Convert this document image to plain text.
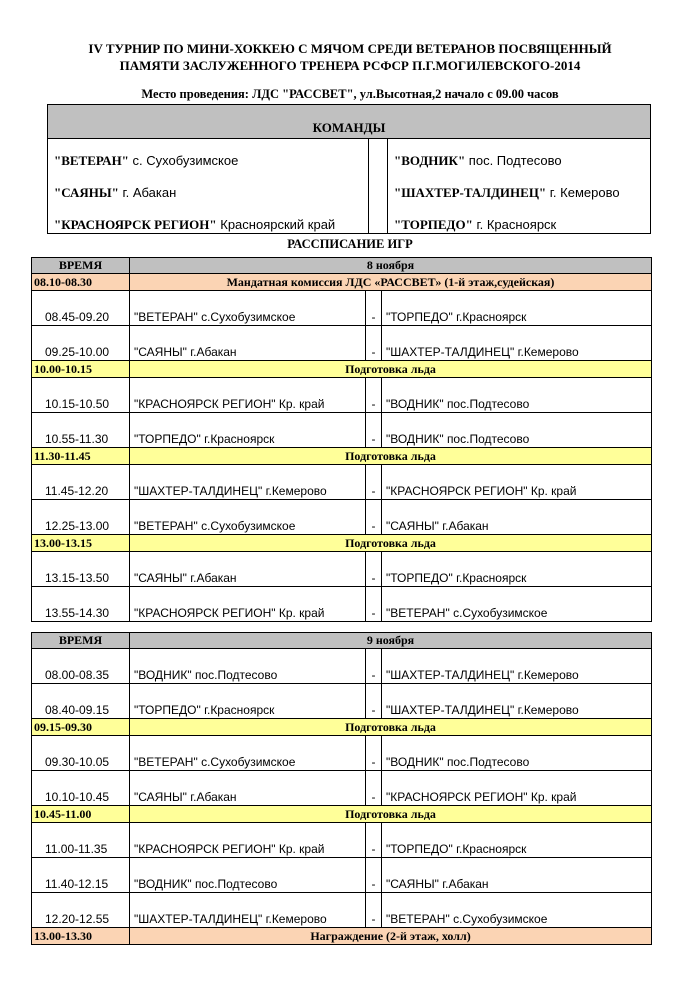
IV ТУРНИР ПО МИНИ-ХОККЕЮ С МЯЧОМ СРЕДИ ВЕТЕРАНОВ ПОСВЯЩЕННЫЙ
ПАМЯТИ ЗАСЛУЖЕННОГО ТРЕНЕРА РСФСР П.Г.МОГИЛЕВСКОГО-2014
Место проведения: ЛДС "РАССВЕТ", ул.Высотная,2 начало с 09.00 часов
КОМАНДЫ
"ВЕТЕРАН" с. Сухобузимское	"ВОДНИК" пос. Подтесово
"САЯНЫ" г. Абакан	"ШАХТЕР-ТАЛДИНЕЦ" г. Кемерово
"КРАСНОЯРСК РЕГИОН" Красноярский край	"ТОРПЕДО" г. Красноярск
РАССПИСАНИЕ ИГР
ВРЕМЯ	8 ноября		
08.10-08.30	Мандатная комиссия ЛДС «РАССВЕТ» (1-й этаж,судейская)		
08.45-09.20	"ВЕТЕРАН" с.Сухобузимское	-	"ТОРПЕДО" г.Красноярск
09.25-10.00	"САЯНЫ" г.Абакан	-	"ШАХТЕР-ТАЛДИНЕЦ" г.Кемерово
10.00-10.15	Подготовка льда		
10.15-10.50	"КРАСНОЯРСК РЕГИОН" Кр. край	-	"ВОДНИК" пос.Подтесово
10.55-11.30	"ТОРПЕДО" г.Красноярск	-	"ВОДНИК" пос.Подтесово
11.30-11.45	Подготовка льда		
11.45-12.20	"ШАХТЕР-ТАЛДИНЕЦ" г.Кемерово	-	"КРАСНОЯРСК РЕГИОН" Кр. край
12.25-13.00	"ВЕТЕРАН" с.Сухобузимское	-	"САЯНЫ" г.Абакан
13.00-13.15	Подготовка льда		
13.15-13.50	"САЯНЫ" г.Абакан	-	"ТОРПЕДО" г.Красноярск
13.55-14.30	"КРАСНОЯРСК РЕГИОН" Кр. край	-	"ВЕТЕРАН" с.Сухобузимское
ВРЕМЯ	9 ноября		
08.00-08.35	"ВОДНИК" пос.Подтесово	-	"ШАХТЕР-ТАЛДИНЕЦ" г.Кемерово
08.40-09.15	"ТОРПЕДО" г.Красноярск	-	"ШАХТЕР-ТАЛДИНЕЦ" г.Кемерово
09.15-09.30	Подготовка льда		
09.30-10.05	"ВЕТЕРАН" с.Сухобузимское	-	"ВОДНИК" пос.Подтесово
10.10-10.45	"САЯНЫ" г.Абакан	-	"КРАСНОЯРСК РЕГИОН" Кр. край
10.45-11.00	Подготовка льда		
11.00-11.35	"КРАСНОЯРСК РЕГИОН" Кр. край	-	"ТОРПЕДО" г.Красноярск
11.40-12.15	"ВОДНИК" пос.Подтесово	-	"САЯНЫ" г.Абакан
12.20-12.55	"ШАХТЕР-ТАЛДИНЕЦ" г.Кемерово	-	"ВЕТЕРАН" с.Сухобузимское
13.00-13.30	Награждение (2-й этаж, холл)		
